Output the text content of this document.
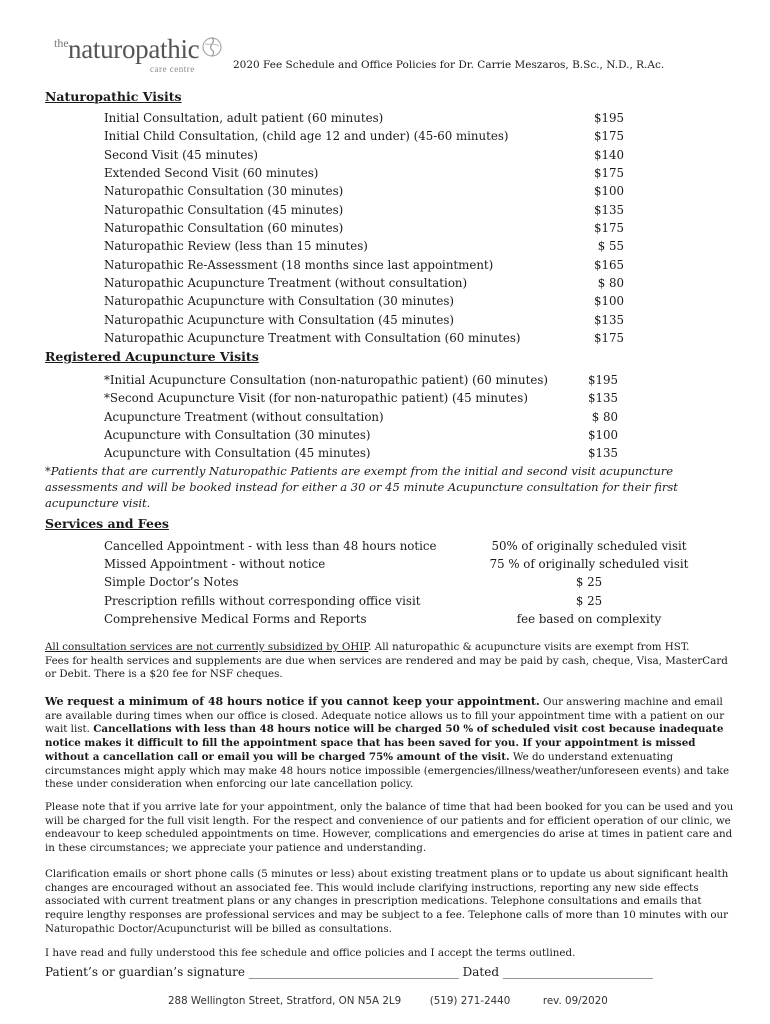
the naturopathic
care centre	2020 Fee Schedule and Office Policies for Dr. Carrie Meszaros, B.Sc., N.D., R.Ac.
Naturopathic Visits
Initial Consultation, adult patient (60 minutes)	$195
Initial Child Consultation, (child age 12 and under) (45-60 minutes)	$175
Second Visit (45 minutes)	$140
Extended Second Visit (60 minutes)	$175
Naturopathic Consultation (30 minutes)	$100
Naturopathic Consultation (45 minutes)	$135
Naturopathic Consultation (60 minutes)	$175
Naturopathic Review (less than 15 minutes)	$ 55
Naturopathic Re-Assessment (18 months since last appointment)	$165
Naturopathic Acupuncture Treatment (without consultation)	$ 80
Naturopathic Acupuncture with Consultation (30 minutes)	$100
Naturopathic Acupuncture with Consultation (45 minutes)	$135
Naturopathic Acupuncture Treatment with Consultation (60 minutes)	$175
Registered Acupuncture Visits
*Initial Acupuncture Consultation (non-naturopathic patient) (60 minutes)	$195
*Second Acupuncture Visit (for non-naturopathic patient) (45 minutes)	$135
Acupuncture Treatment (without consultation)	$ 80
Acupuncture with Consultation (30 minutes)	$100
Acupuncture with Consultation (45 minutes)	$135
*Patients that are currently Naturopathic Patients are exempt from the initial and second visit acupuncture assessments and will be booked instead for either a 30 or 45 minute Acupuncture consultation for their first acupuncture visit.
Services and Fees
Cancelled Appointment - with less than 48 hours notice	50% of originally scheduled visit
Missed Appointment - without notice	75 % of originally scheduled visit
Simple Doctor’s Notes	$ 25
Prescription refills without corresponding office visit	$ 25
Comprehensive Medical Forms and Reports	fee based on complexity
All consultation services are not currently subsidized by OHIP. All naturopathic & acupuncture visits are exempt from HST.
Fees for health services and supplements are due when services are rendered and may be paid by cash, cheque, Visa, MasterCard or Debit. There is a $20 fee for NSF cheques.
We request a minimum of 48 hours notice if you cannot keep your appointment. Our answering machine and email are available during times when our office is closed. Adequate notice allows us to fill your appointment time with a patient on our wait list. Cancellations with less than 48 hours notice will be charged 50 % of scheduled visit cost because inadequate notice makes it difficult to fill the appointment space that has been saved for you. If your appointment is missed without a cancellation call or email you will be charged 75% amount of the visit. We do understand extenuating circumstances might apply which may make 48 hours notice impossible (emergencies/illness/weather/unforeseen events) and take these under consideration when enforcing our late cancellation policy.
Please note that if you arrive late for your appointment, only the balance of time that had been booked for you can be used and you will be charged for the full visit length. For the respect and convenience of our patients and for efficient operation of our clinic, we endeavour to keep scheduled appointments on time. However, complications and emergencies do arise at times in patient care and in these circumstances; we appreciate your patience and understanding.
Clarification emails or short phone calls (5 minutes or less) about existing treatment plans or to update us about significant health changes are encouraged without an associated fee. This would include clarifying instructions, reporting any new side effects associated with current treatment plans or any changes in prescription medications. Telephone consultations and emails that require lengthy responses are professional services and may be subject to a fee. Telephone calls of more than 10 minutes with our Naturopathic Doctor/Acupuncturist will be billed as consultations.
I have read and fully understood this fee schedule and office policies and I accept the terms outlined.
Patient’s or guardian’s signature ___________________________________ Dated _________________________
288 Wellington Street, Stratford, ON N5A 2L9	(519) 271-2440	rev. 09/2020
